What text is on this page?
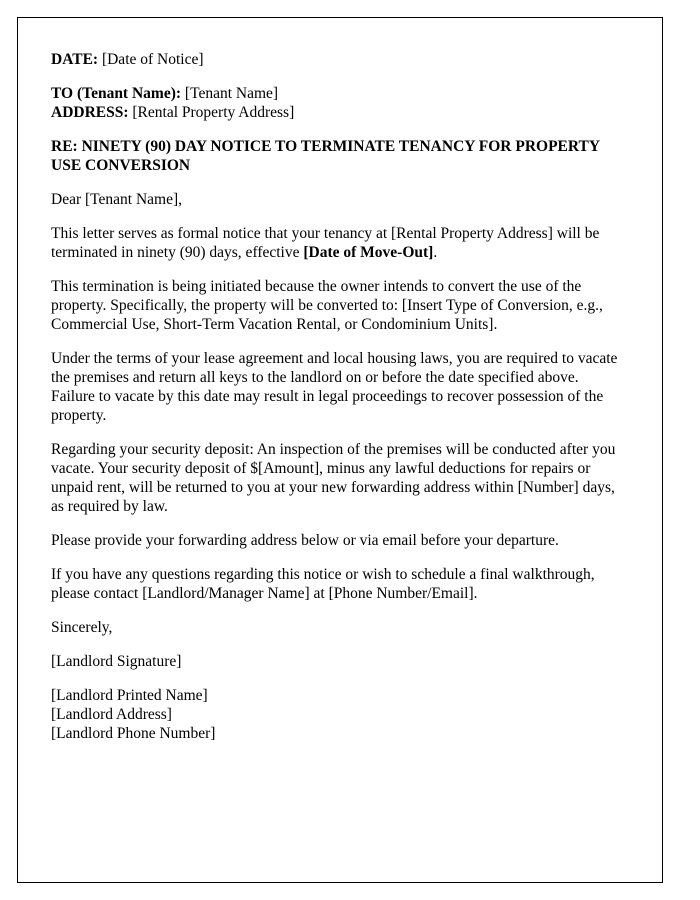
DATE: [Date of Notice]

TO (Tenant Name): [Tenant Name]
ADDRESS: [Rental Property Address]

RE: NINETY (90) DAY NOTICE TO TERMINATE TENANCY FOR PROPERTY USE CONVERSION

Dear [Tenant Name],

This letter serves as formal notice that your tenancy at [Rental Property Address] will be terminated in ninety (90) days, effective [Date of Move-Out].

This termination is being initiated because the owner intends to convert the use of the property. Specifically, the property will be converted to: [Insert Type of Conversion, e.g., Commercial Use, Short-Term Vacation Rental, or Condominium Units].

Under the terms of your lease agreement and local housing laws, you are required to vacate the premises and return all keys to the landlord on or before the date specified above. Failure to vacate by this date may result in legal proceedings to recover possession of the property.

Regarding your security deposit: An inspection of the premises will be conducted after you vacate. Your security deposit of $[Amount], minus any lawful deductions for repairs or unpaid rent, will be returned to you at your new forwarding address within [Number] days, as required by law.

Please provide your forwarding address below or via email before your departure.

If you have any questions regarding this notice or wish to schedule a final walkthrough, please contact [Landlord/Manager Name] at [Phone Number/Email].

Sincerely,

[Landlord Signature]

[Landlord Printed Name]
[Landlord Address]
[Landlord Phone Number]
